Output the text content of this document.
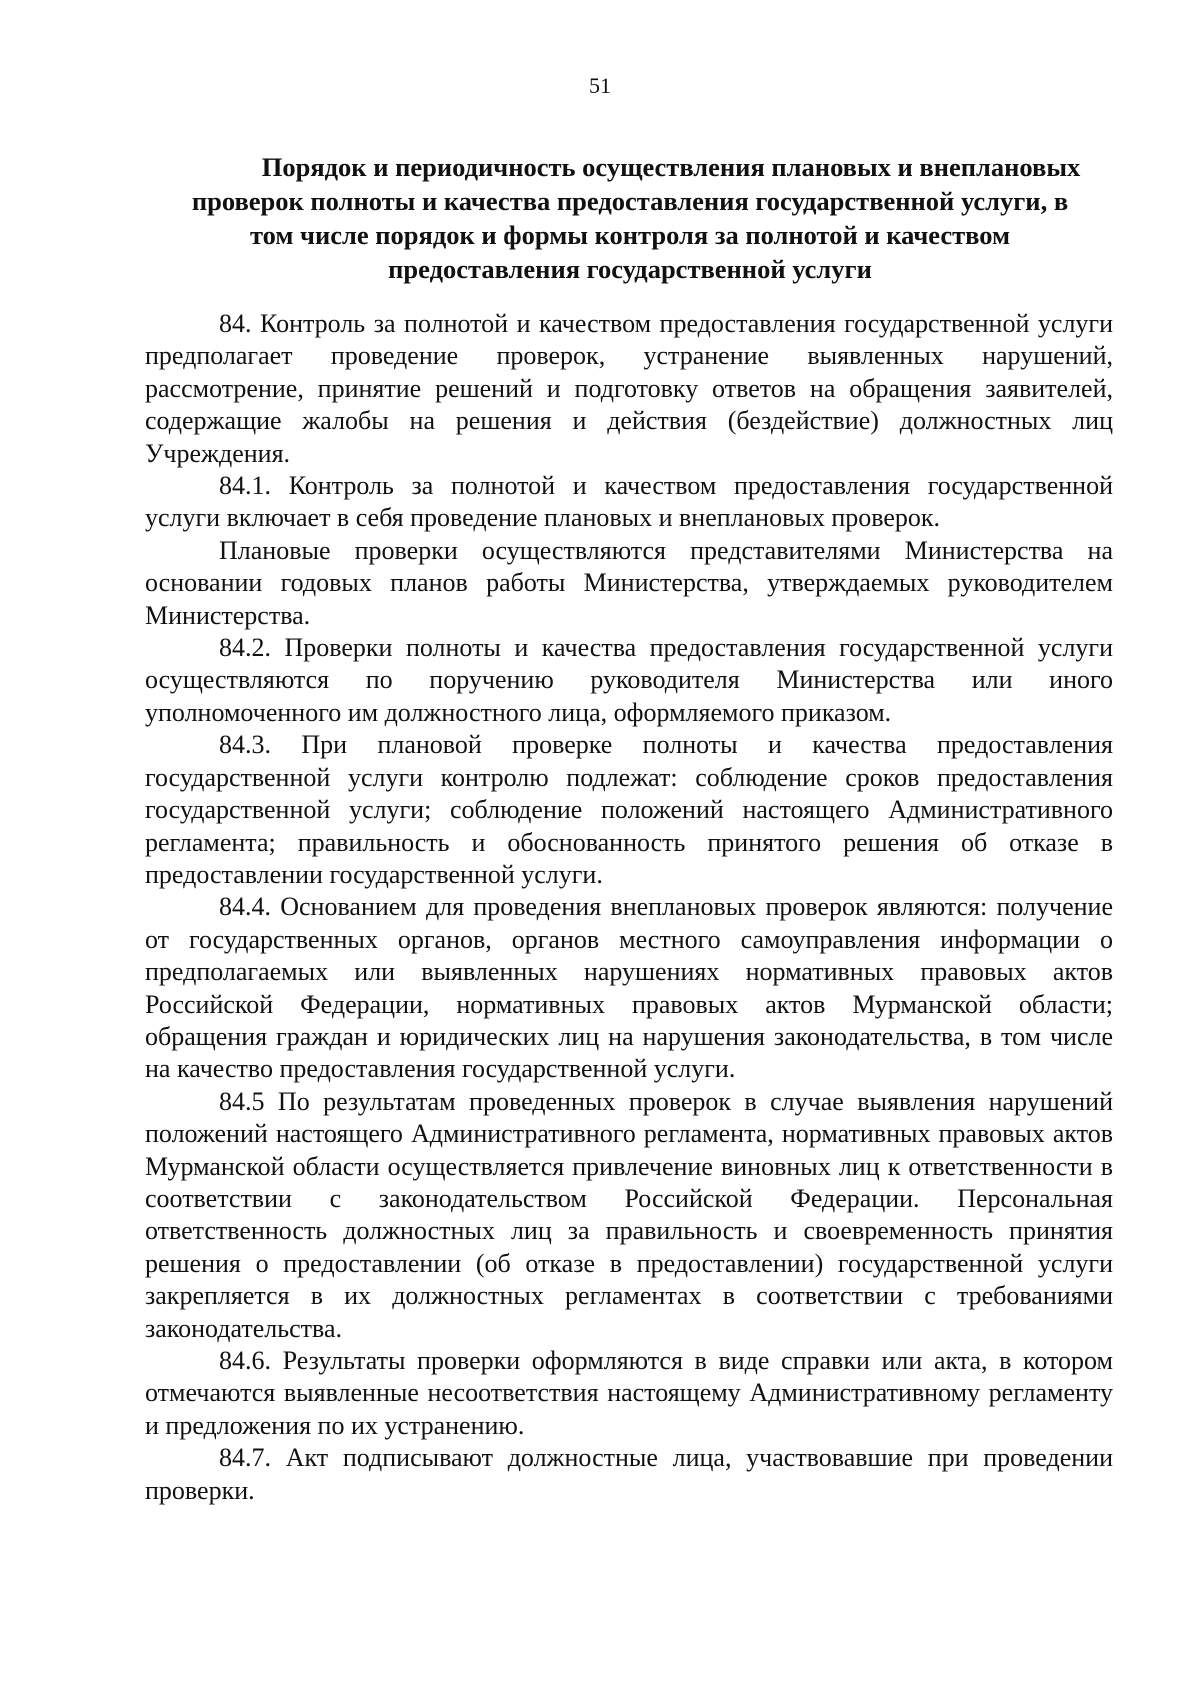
51
Порядок и периодичность осуществления плановых и внеплановых
проверок полноты и качества предоставления государственной услуги, в
том числе порядок и формы контроля за полнотой и качеством
предоставления государственной услуги

84. Контроль за полнотой и качеством предоставления государственной услуги предполагает проведение проверок, устранение выявленных нарушений, рассмотрение, принятие решений и подготовку ответов на обращения заявителей, содержащие жалобы на решения и действия (бездействие) должностных лиц Учреждения.

84.1. Контроль за полнотой и качеством предоставления государственной услуги включает в себя проведение плановых и внеплановых проверок.

Плановые проверки осуществляются представителями Министерства на основании годовых планов работы Министерства, утверждаемых руководителем Министерства.

84.2. Проверки полноты и качества предоставления государственной услуги осуществляются по поручению руководителя Министерства или иного уполномоченного им должностного лица, оформляемого приказом.

84.3. При плановой проверке полноты и качества предоставления государственной услуги контролю подлежат: соблюдение сроков предоставления государственной услуги; соблюдение положений настоящего Административного регламента; правильность и обоснованность принятого решения об отказе в предоставлении государственной услуги.

84.4. Основанием для проведения внеплановых проверок являются: получение от государственных органов, органов местного самоуправления информации о предполагаемых или выявленных нарушениях нормативных правовых актов Российской Федерации, нормативных правовых актов Мурманской области; обращения граждан и юридических лиц на нарушения законодательства, в том числе на качество предоставления государственной услуги.

84.5 По результатам проведенных проверок в случае выявления нарушений положений настоящего Административного регламента, нормативных правовых актов Мурманской области осуществляется привлечение виновных лиц к ответственности в соответствии с законодательством Российской Федерации. Персональная ответственность должностных лиц за правильность и своевременность принятия решения о предоставлении (об отказе в предоставлении) государственной услуги закрепляется в их должностных регламентах в соответствии с требованиями законодательства.

84.6. Результаты проверки оформляются в виде справки или акта, в котором отмечаются выявленные несоответствия настоящему Административному регламенту и предложения по их устранению.

84.7. Акт подписывают должностные лица, участвовавшие при проведении проверки.
